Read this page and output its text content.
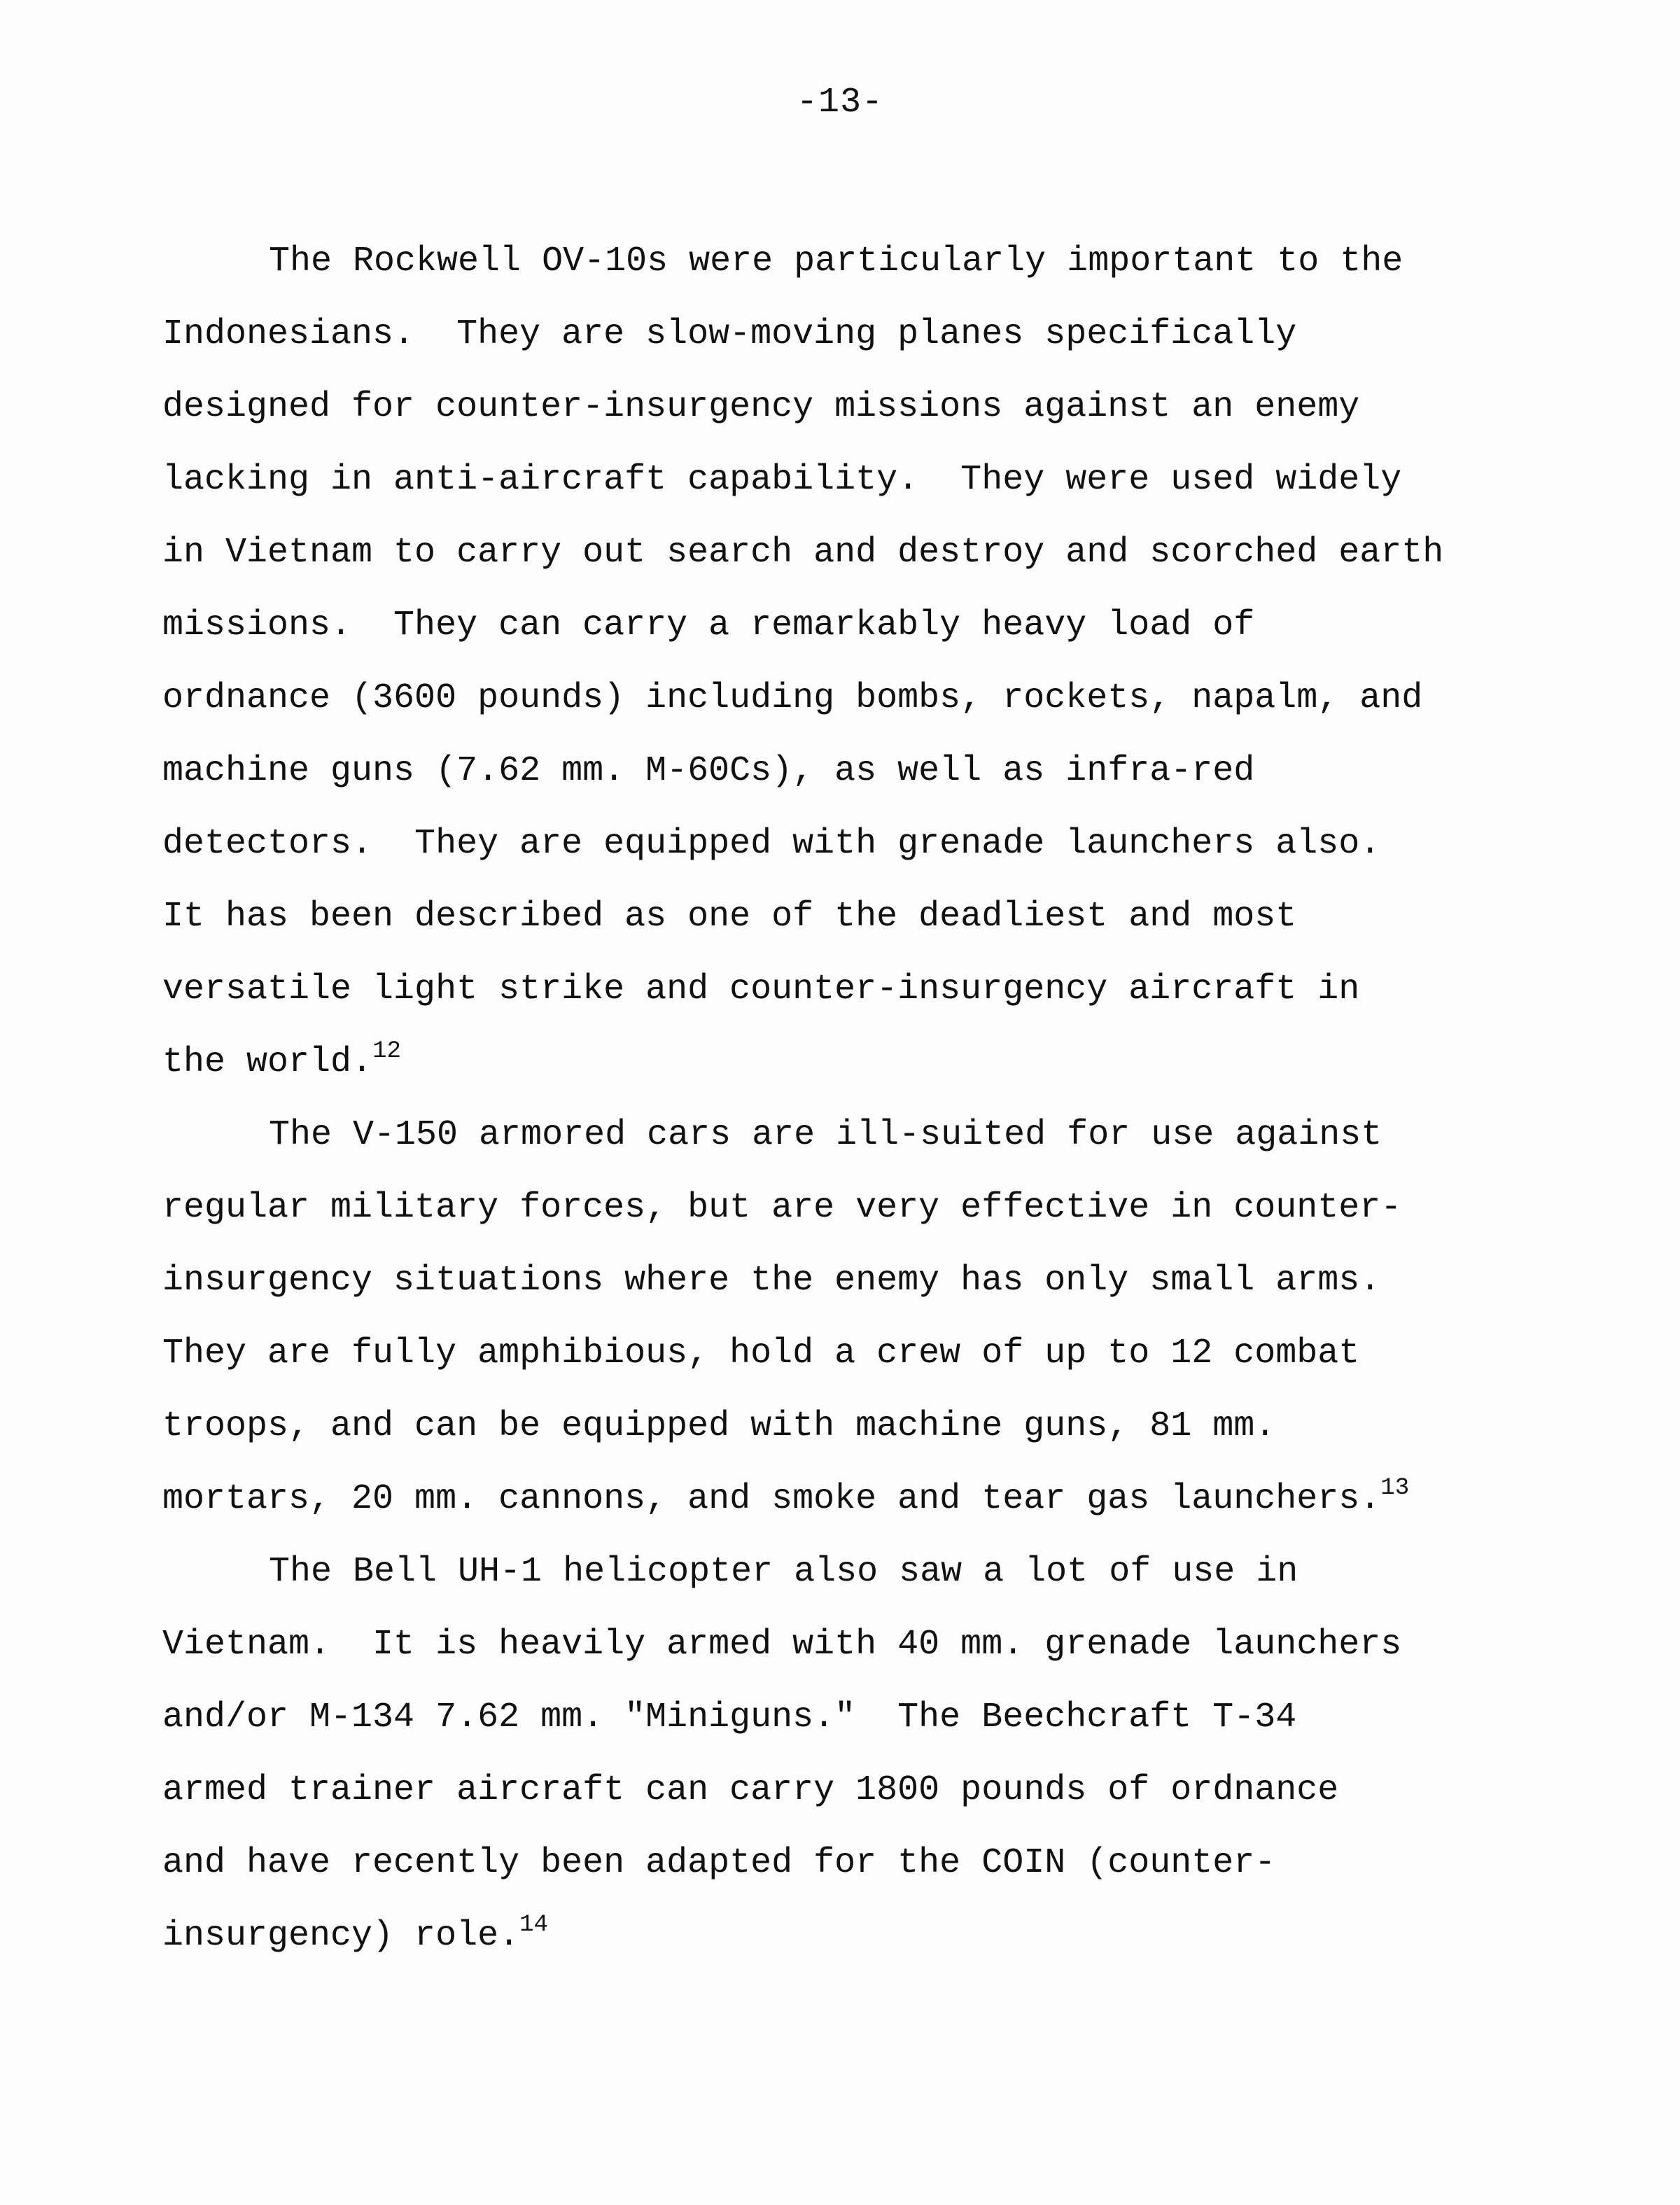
-13-
The Rockwell OV-10s were particularly important to the
Indonesians.  They are slow-moving planes specifically
designed for counter-insurgency missions against an enemy
lacking in anti-aircraft capability.  They were used widely
in Vietnam to carry out search and destroy and scorched earth
missions.  They can carry a remarkably heavy load of
ordnance (3600 pounds) including bombs, rockets, napalm, and
machine guns (7.62 mm. M-60Cs), as well as infra-red
detectors.  They are equipped with grenade launchers also.
It has been described as one of the deadliest and most
versatile light strike and counter-insurgency aircraft in
the world.$^{12}$
The V-150 armored cars are ill-suited for use against
regular military forces, but are very effective in counter-
insurgency situations where the enemy has only small arms.
They are fully amphibious, hold a crew of up to 12 combat
troops, and can be equipped with machine guns, 81 mm.
mortars, 20 mm. cannons, and smoke and tear gas launchers.$^{13}$
The Bell UH-1 helicopter also saw a lot of use in
Vietnam.  It is heavily armed with 40 mm. grenade launchers
and/or M-134 7.62 mm. "Miniguns."  The Beechcraft T-34
armed trainer aircraft can carry 1800 pounds of ordnance
and have recently been adapted for the COIN (counter-
insurgency) role.$^{14}$
